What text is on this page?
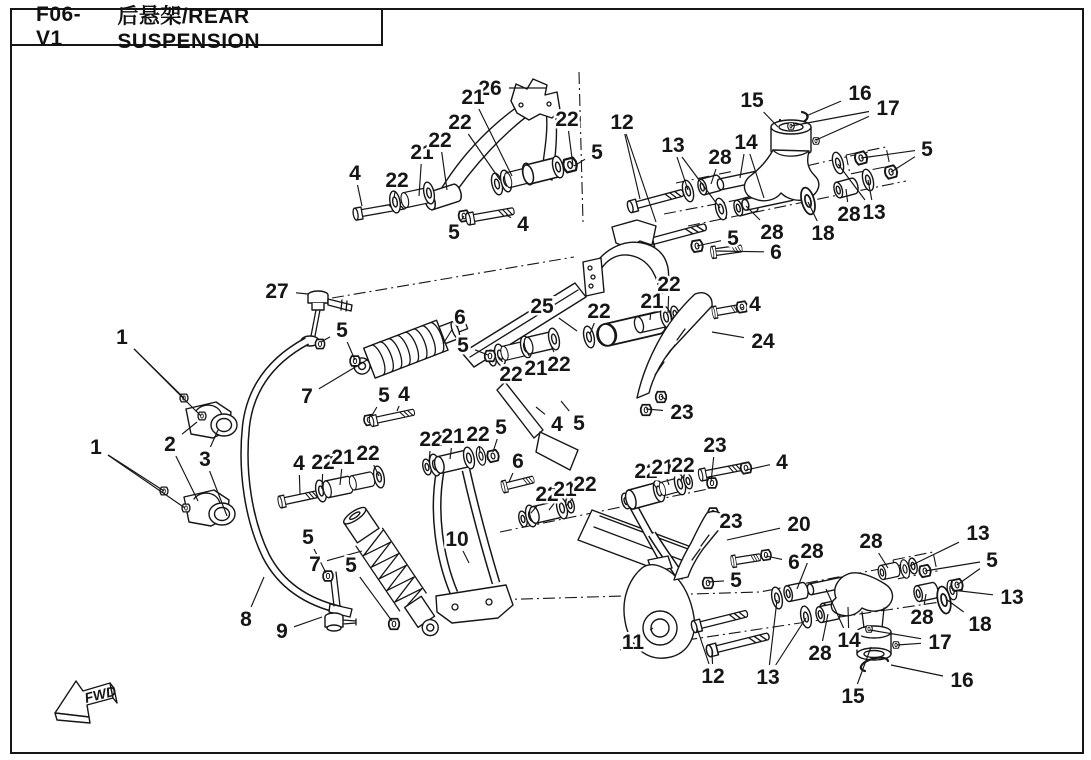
F06-V1
后悬架/REAR SUSPENSION
FWD
26
21
22	22
21
22
22
4
5
4
5
12
13
15	16
17
14
28	5
28 13
28 18
5
6
27
5
6
7
5
25 22 21
22
4
24
22 21 22
23
4 5
1
2
3
1
4 22
21 22
5 4
8
9
5
7 5
22
21 22 5
6
10
22
21
22
22
21
22
23
4
23 20
5
6
11
28 28	13
5
13
18
28
14
28
13
12
17
16
15
